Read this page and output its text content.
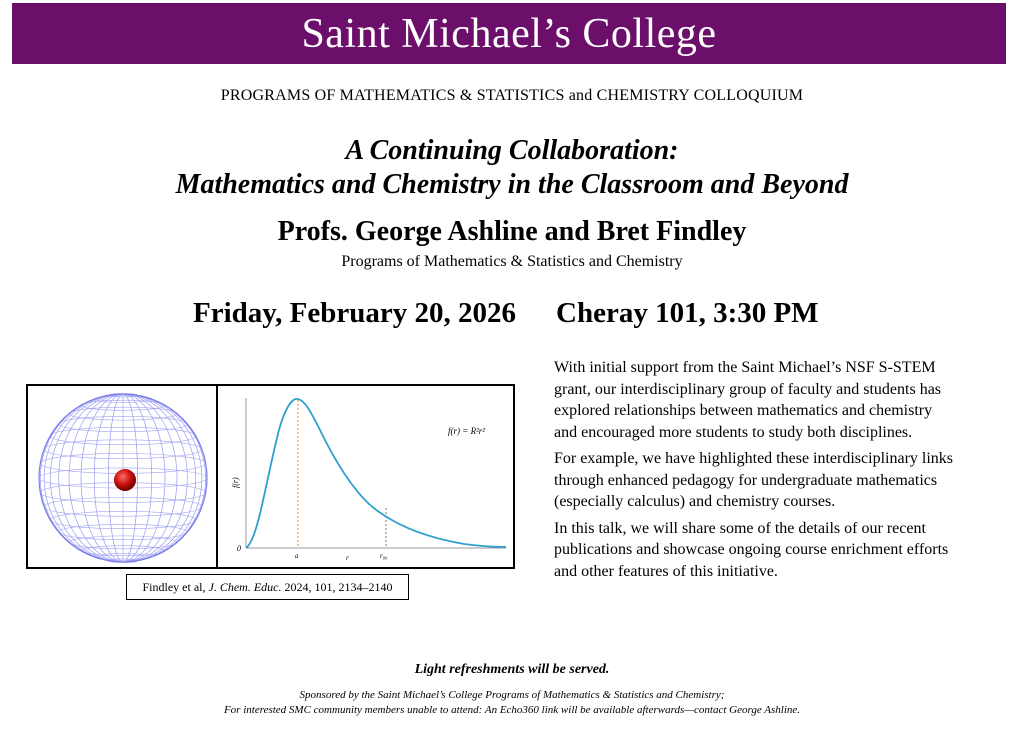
Saint Michael’s College
PROGRAMS OF MATHEMATICS & STATISTICS and CHEMISTRY COLLOQUIUM
A Continuing Collaboration:
Mathematics and Chemistry in the Classroom and Beyond
Profs. George Ashline and Bret Findley
Programs of Mathematics & Statistics and Chemistry
Friday, February 20, 2026 Cheray 101, 3:30 PM
f(r) = R²r²
f(r)
0
a	r	r₉₀
Findley et al, J. Chem. Educ. 2024, 101, 2134–2140

With initial support from the Saint Michael’s NSF S-STEM grant, our interdisciplinary group of faculty and students has explored relationships between mathematics and chemistry and encouraged more students to study both disciplines.

For example, we have highlighted these interdisciplinary links through enhanced pedagogy for undergraduate mathematics (especially calculus) and chemistry courses.

In this talk, we will share some of the details of our recent publications and showcase ongoing course enrichment efforts and other features of this initiative.

Light refreshments will be served.
Sponsored by the Saint Michael’s College Programs of Mathematics & Statistics and Chemistry;
For interested SMC community members unable to attend: An Echo360 link will be available afterwards—contact George Ashline.
